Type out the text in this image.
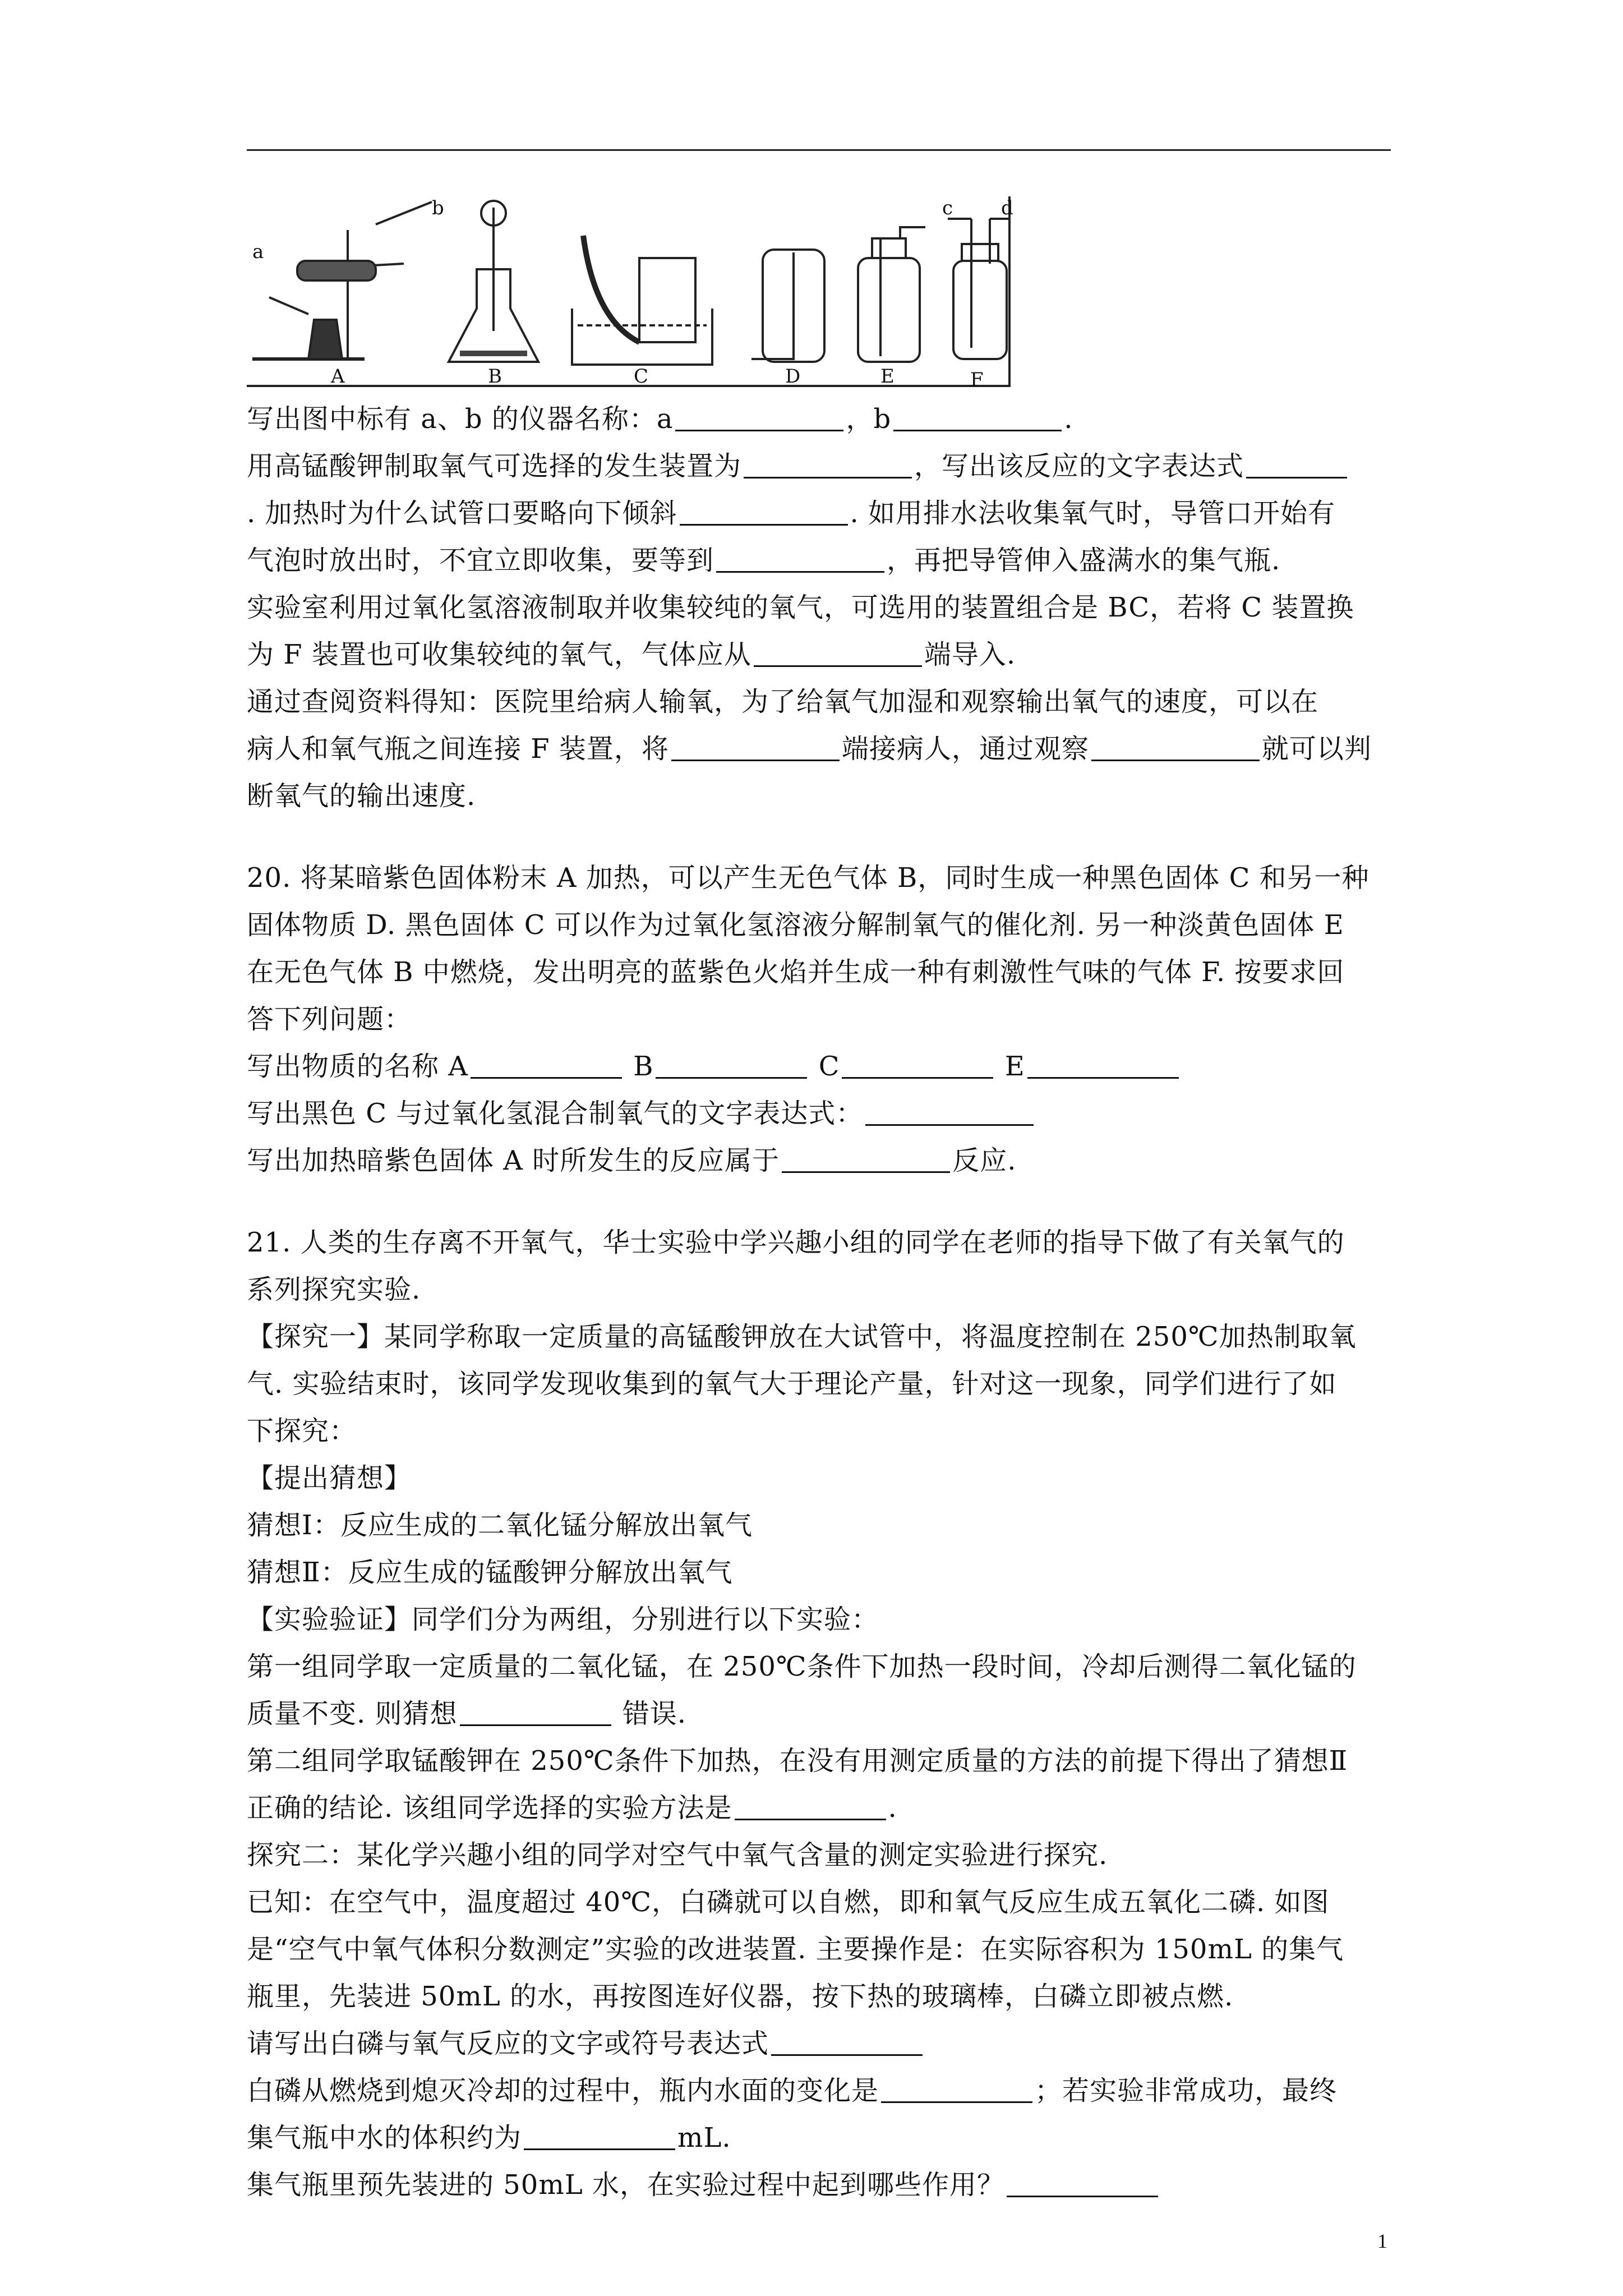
a
b
A	B	C	D	E
c	d
F
写出图中标有 a、b 的仪器名称：a	，b	.
用高锰酸钾制取氧气可选择的发生装置为	，写出该反应的文字表达式
. 加热时为什么试管口要略向下倾斜	. 如用排水法收集氧气时，导管口开始有
气泡时放出时，不宜立即收集，要等到	，再把导管伸入盛满水的集气瓶.
实验室利用过氧化氢溶液制取并收集较纯的氧气，可选用的装置组合是 BC，若将 C 装置换
为 F 装置也可收集较纯的氧气，气体应从	端导入.
通过查阅资料得知：医院里给病人输氧，为了给氧气加湿和观察输出氧气的速度，可以在
病人和氧气瓶之间连接 F 装置，将	端接病人，通过观察	就可以判
断氧气的输出速度.
20. 将某暗紫色固体粉末 A 加热，可以产生无色气体 B，同时生成一种黑色固体 C 和另一种
固体物质 D. 黑色固体 C 可以作为过氧化氢溶液分解制氧气的催化剂. 另一种淡黄色固体 E
在无色气体 B 中燃烧，发出明亮的蓝紫色火焰并生成一种有刺激性气味的气体 F. 按要求回
答下列问题：
写出物质的名称 A	B	C	E
写出黑色 C 与过氧化氢混合制氧气的文字表达式：
写出加热暗紫色固体 A 时所发生的反应属于	反应.
21. 人类的生存离不开氧气，华士实验中学兴趣小组的同学在老师的指导下做了有关氧气的
系列探究实验.
【探究一】某同学称取一定质量的高锰酸钾放在大试管中，将温度控制在 250℃加热制取氧
气. 实验结束时，该同学发现收集到的氧气大于理论产量，针对这一现象，同学们进行了如
下探究：
【提出猜想】
猜想Ⅰ：反应生成的二氧化锰分解放出氧气
猜想Ⅱ：反应生成的锰酸钾分解放出氧气
【实验验证】同学们分为两组，分别进行以下实验：
第一组同学取一定质量的二氧化锰，在 250℃条件下加热一段时间，冷却后测得二氧化锰的
质量不变. 则猜想	错误.
第二组同学取锰酸钾在 250℃条件下加热，在没有用测定质量的方法的前提下得出了猜想Ⅱ
正确的结论. 该组同学选择的实验方法是	.
探究二：某化学兴趣小组的同学对空气中氧气含量的测定实验进行探究.
已知：在空气中，温度超过 40℃，白磷就可以自燃，即和氧气反应生成五氧化二磷. 如图
是“空气中氧气体积分数测定”实验的改进装置. 主要操作是：在实际容积为 150mL 的集气
瓶里，先装进 50mL 的水，再按图连好仪器，按下热的玻璃棒，白磷立即被点燃.
请写出白磷与氧气反应的文字或符号表达式
白磷从燃烧到熄灭冷却的过程中，瓶内水面的变化是	；若实验非常成功，最终
集气瓶中水的体积约为	mL.
集气瓶里预先装进的 50mL 水，在实验过程中起到哪些作用？
1
